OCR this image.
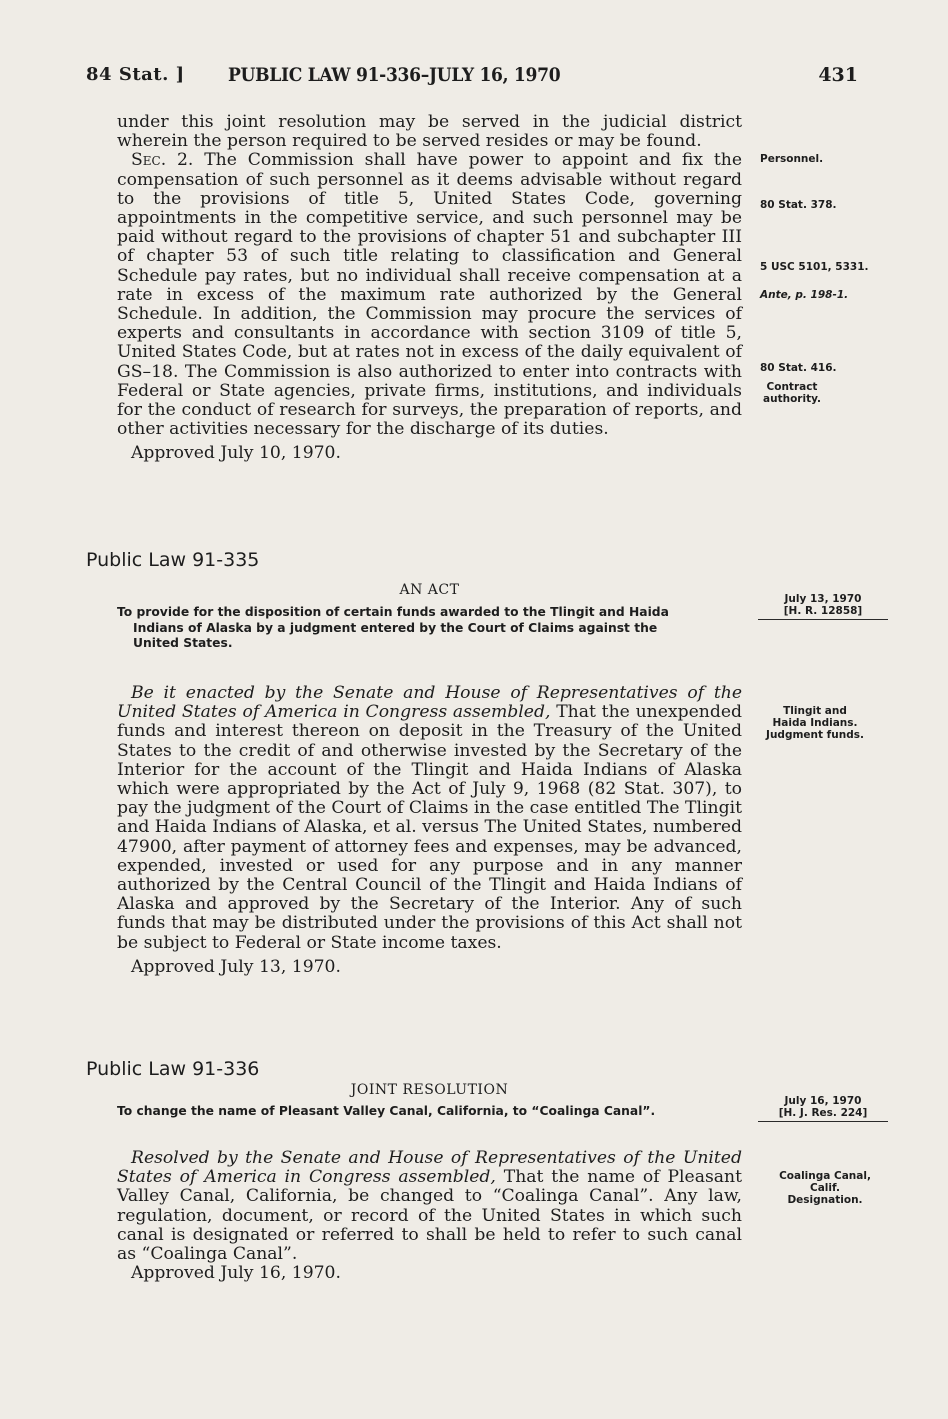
84 Stat. ] PUBLIC LAW 91-336–JULY 16, 1970	431

under this joint resolution may be served in the judicial district wherein the person required to be served resides or may be found.

Sec. 2. The Commission shall have power to appoint and fix the compensation of such personnel as it deems advisable without regard to the provisions of title 5, United States Code, governing appointments in the competitive service, and such personnel may be paid without regard to the provisions of chapter 51 and subchapter III of chapter 53 of such title relating to classification and General Schedule pay rates, but no individual shall receive compensation at a rate in excess of the maximum rate authorized by the General Schedule. In addition, the Commission may procure the services of experts and consultants in accordance with section 3109 of title 5, United States Code, but at rates not in excess of the daily equivalent of GS–18. The Commission is also authorized to enter into contracts with Federal or State agencies, private firms, institutions, and individuals for the conduct of research for surveys, the preparation of reports, and other activities necessary for the discharge of its duties.

Approved July 10, 1970.

Personnel.
80 Stat. 378.
5 USC 5101, 5331.
Ante, p. 198-1.
80 Stat. 416.
Contract authority.
Public Law 91-335
AN ACT
To provide for the disposition of certain funds awarded to the Tlingit and Haida
Indians of Alaska by a judgment entered by the Court of Claims against the
United States.
July 13, 1970
[H. R. 12858]

Be it enacted by the Senate and House of Representatives of the United States of America in Congress assembled, That the unexpended funds and interest thereon on deposit in the Treasury of the United States to the credit of and otherwise invested by the Secretary of the Interior for the account of the Tlingit and Haida Indians of Alaska which were appropriated by the Act of July 9, 1968 (82 Stat. 307), to pay the judgment of the Court of Claims in the case entitled The Tlingit and Haida Indians of Alaska, et al. versus The United States, numbered 47900, after payment of attorney fees and expenses, may be advanced, expended, invested or used for any purpose and in any manner authorized by the Central Council of the Tlingit and Haida Indians of Alaska and approved by the Secretary of the Interior. Any of such funds that may be distributed under the provisions of this Act shall not be subject to Federal or State income taxes.

Approved July 13, 1970.

Tlingit and
Haida Indians.
Judgment funds.
Public Law 91-336
JOINT RESOLUTION
To change the name of Pleasant Valley Canal, California, to “Coalinga Canal”.
July 16, 1970
[H. J. Res. 224]

Resolved by the Senate and House of Representatives of the United States of America in Congress assembled, That the name of Pleasant Valley Canal, California, be changed to “Coalinga Canal”. Any law, regulation, document, or record of the United States in which such canal is designated or referred to shall be held to refer to such canal as “Coalinga Canal”.

Approved July 16, 1970.

Coalinga Canal,
Calif.
Designation.
